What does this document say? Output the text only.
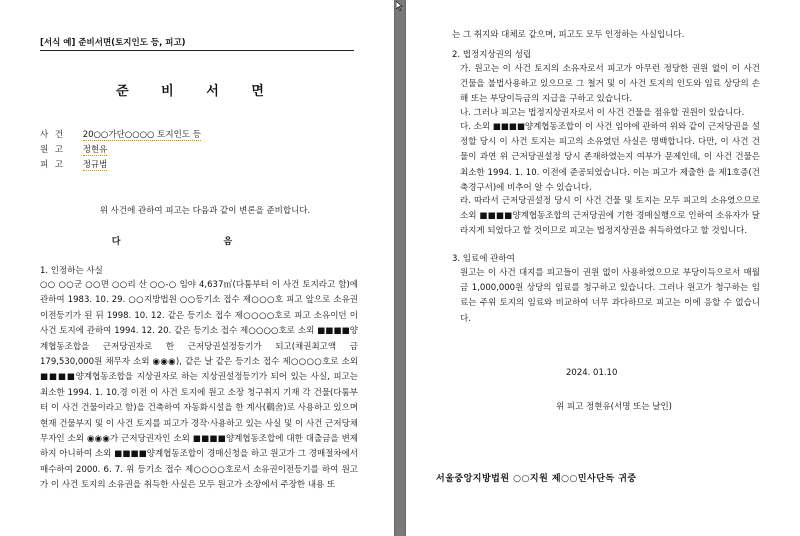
[서식 예] 준비서면(토지인도 등, 피고)
준 비 서 면
사 건 20○○가단○○○○ 토지인도 등
원 고 정현유
피 고 정규범
위 사건에 관하여 피고는 다음과 같이 변론을 준비합니다.
다 음
1. 인정하는 사실
○○ ○○군 ○○면 ○○리 산 ○○-○ 임야 4,637㎡(다툼부터 이 사건 토지라고 함)에 관하여 1983. 10. 29. ○○지방법원 ○○등기소 접수 제○○○호 피고 앞으로 소유권이전등기가 된 뒤 1998. 10. 12. 같은 등기소 접수 제○○○○호로 피고 소유이던 이 사건 토지에 관하여 1994. 12. 20. 같은 등기소 접수 제○○○○호로 소외 ■■■■양계협동조합을 근저당권자로 한 근저당권설정등기가 되고(채권최고액 금 179,530,000원 채무자 소외 ◉◉◉), 같은 날 같은 등기소 접수 제○○○○호로 소외 ■■■■양계협동조합을 지상권자로 하는 지상권설정등기가 되어 있는 사실, 피고는 최소한 1994. 1. 10.경 이전 이 사건 토지에 원고 소장 청구취지 기재 각 건물(다툼부터 이 사건 건물이라고 함)을 건축하여 자동화시설을 한 계사(鷄舍)로 사용하고 있으며 현재 건물부지 및 이 사건 토지를 피고가 경작·사용하고 있는 사실 및 이 사건 근저당채무자인 소외 ◉◉◉가 근저당권자인 소외 ■■■■양계협동조합에 대한 대출금을 변제하지 아니하여 소외 ■■■■양계협동조합이 경매신청을 하고 원고가 그 경매절차에서 매수하여 2000. 6. 7. 위 등기소 접수 제○○○○호로서 소유권이전등기를 하여 원고가 이 사건 토지의 소유권을 취득한 사실은 모두 원고가 소장에서 주장한 내용 또
는 그 취지와 대체로 같으며, 피고도 모두 인정하는 사실입니다.
2. 법정지상권의 성립
가. 원고는 이 사건 토지의 소유자로서 피고가 아무런 정당한 권원 없이 이 사건 건물을 불법사용하고 있으므로 그 철거 및 이 사건 토지의 인도와 임료 상당의 손해 또는 부당이득금의 지급을 구하고 있습니다.
나. 그러나 피고는 법정지상권자로서 이 사건 건물을 점유할 권원이 있습니다.
다. 소외 ■■■■양계협동조합이 이 사건 임야에 관하여 위와 같이 근저당권을 설정할 당시 이 사건 토지는 피고의 소유였던 사실은 명백합니다. 다만, 이 사건 건물이 과연 위 근저당권설정 당시 존재하였는지 여부가 문제인데, 이 사건 건물은 최소한 1994. 1. 10. 이전에 준공되었습니다. 이는 피고가 제출한 을 제1호증(건축경구서)에 비추어 알 수 있습니다.
라. 따라서 근저당권설정 당시 이 사건 건물 및 토지는 모두 피고의 소유였으므로 소외 ■■■■양계협동조합의 근저당권에 기한 경매실행으로 인하여 소유자가 달라지게 되었다고 할 것이므로 피고는 법정지상권을 취득하였다고 할 것입니다.
3. 임료에 관하여
원고는 이 사건 대지를 피고들이 권원 없이 사용하였으므로 부당이득으로서 매월 금 1,000,000원 상당의 임료를 청구하고 있습니다. 그러나 원고가 청구하는 임료는 주위 토지의 임료와 비교하여 너무 과다하므로 피고는 이에 응할 수 없습니다.
2024. 01.10
위 피고 정현유(서명 또는 날인)
서울중앙지방법원 ○○지원 제○○민사단독 귀중
